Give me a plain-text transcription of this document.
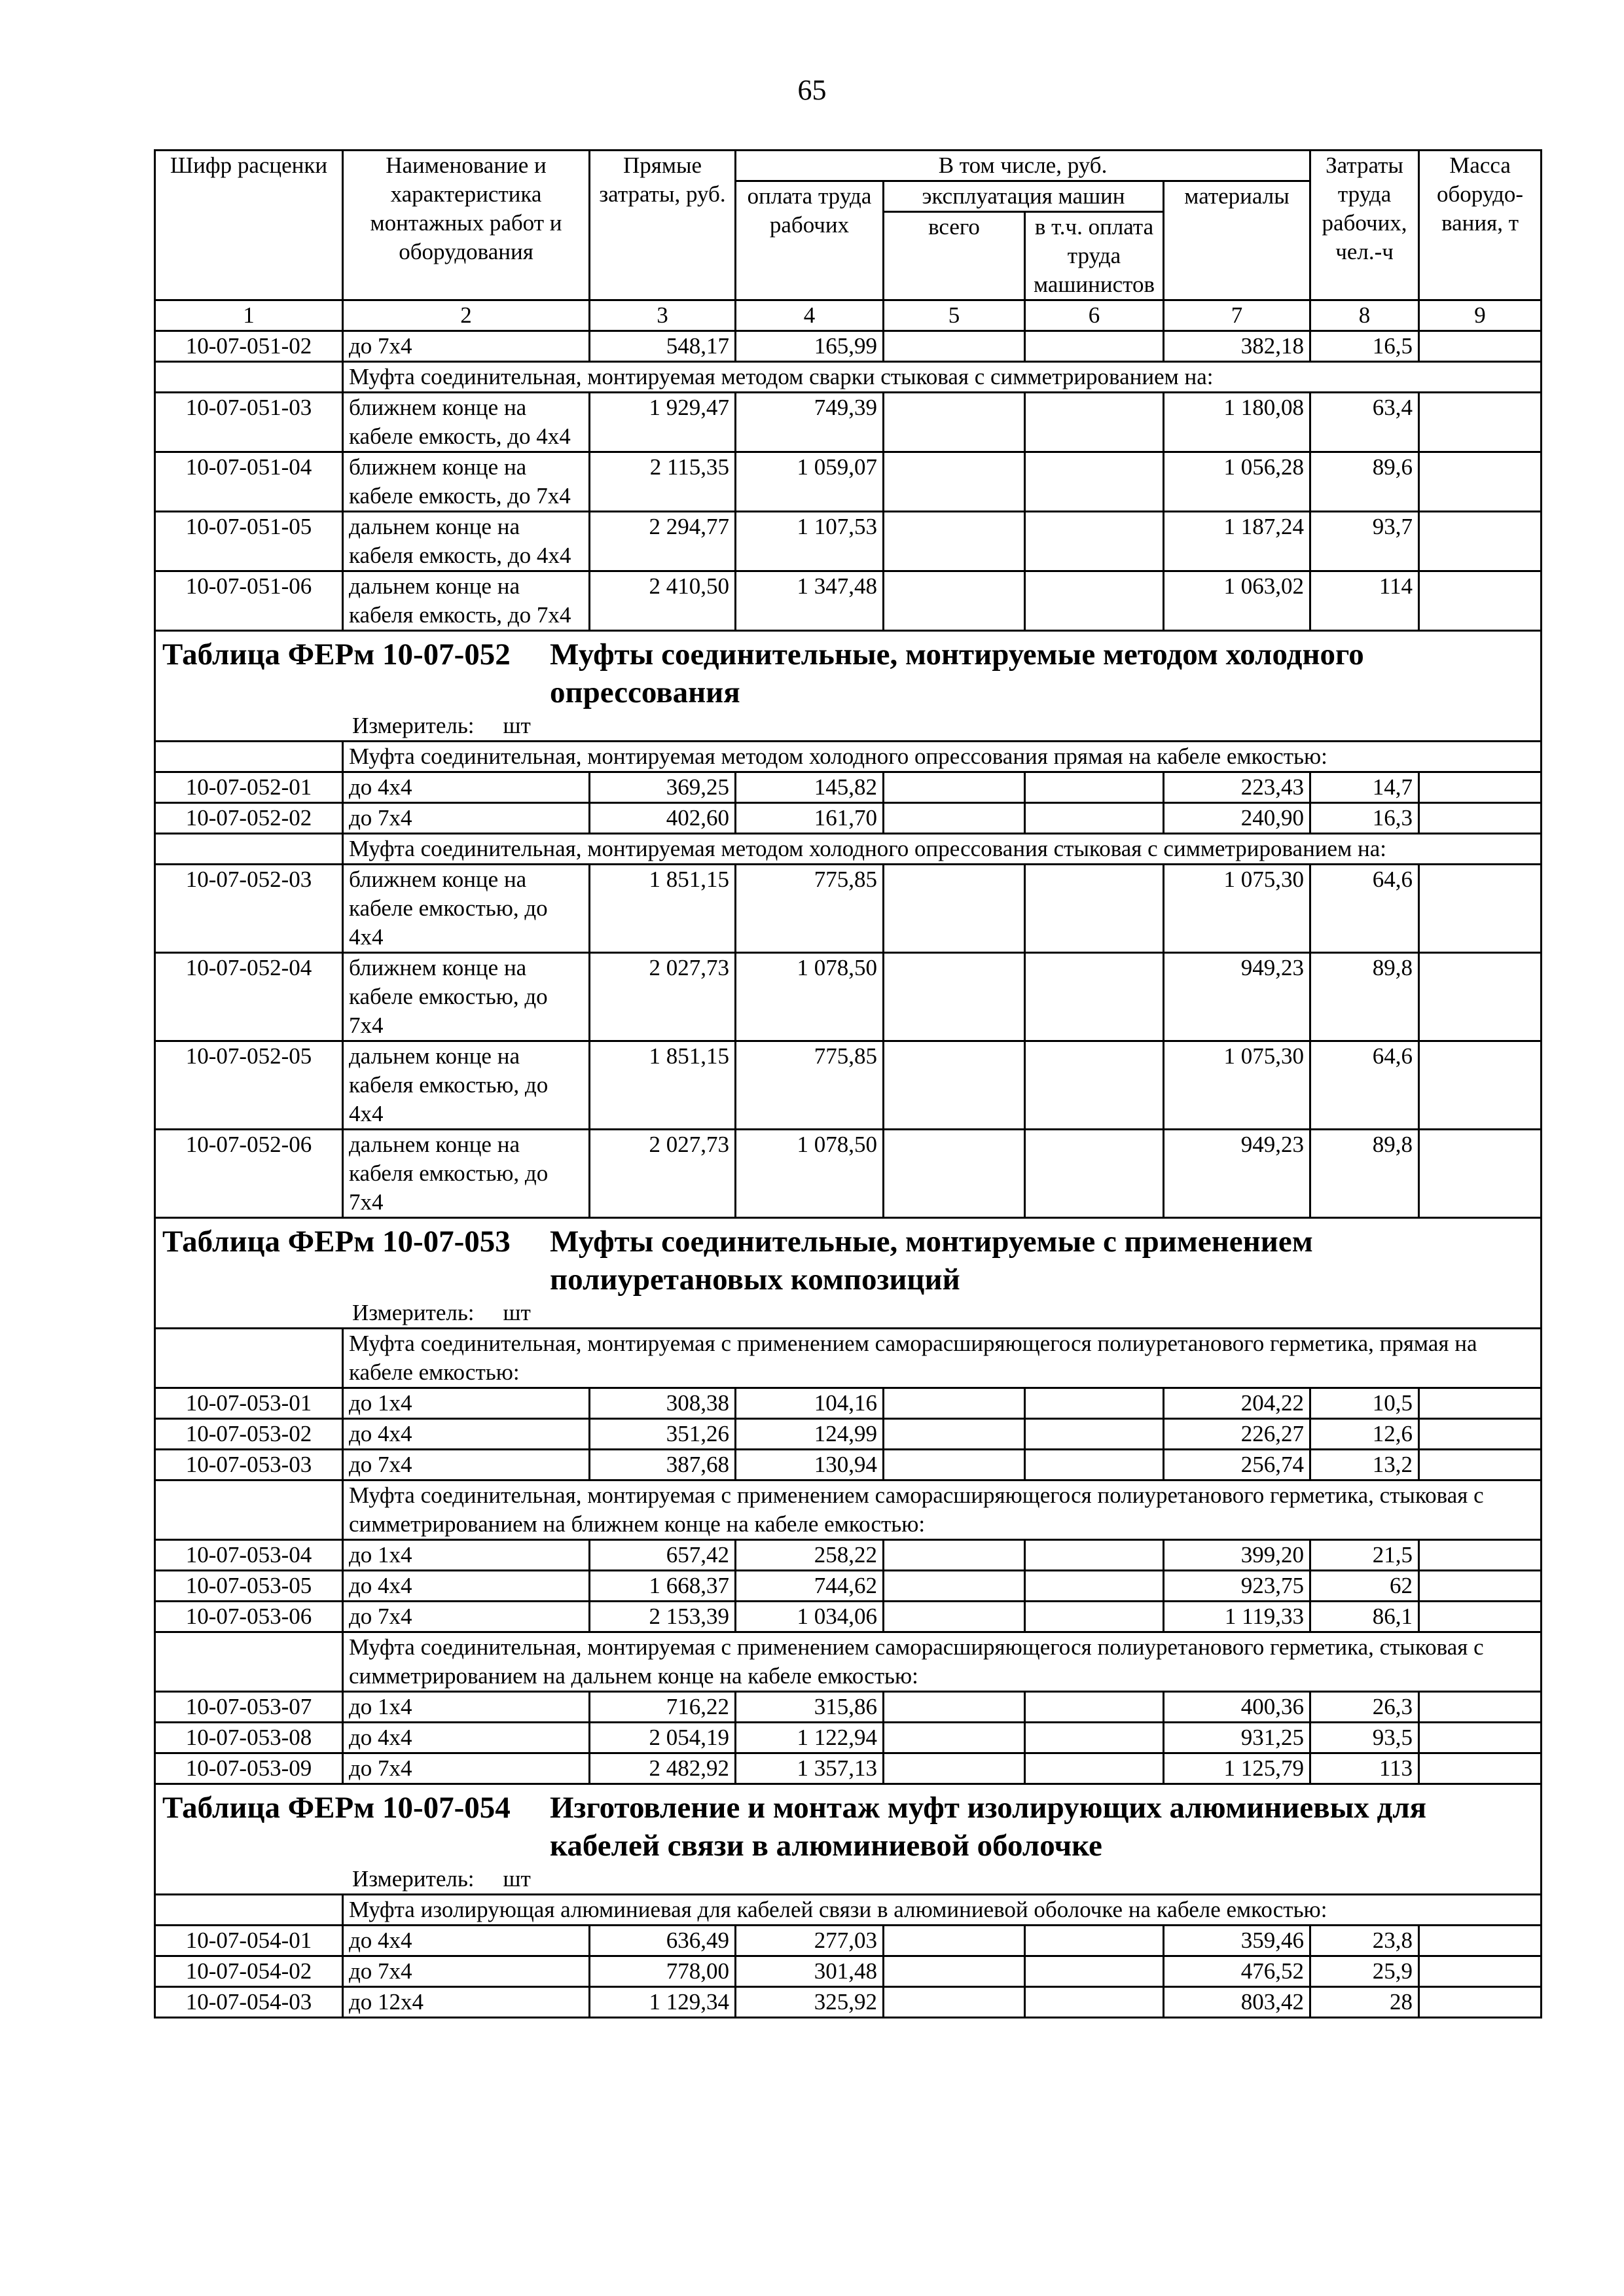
65
Шифр расценки	Наименование и характеристика монтажных работ и оборудования	Прямые затраты, руб.	В том числе, руб.				Затраты труда рабочих, чел.-ч	Масса оборудо-вания, т
			оплата труда рабочих	эксплуатация машин		материалы		
				всего	в т.ч. оплата труда машинистов			
1	2	3	4	5	6	7	8	9
10-07-051-02	до 7х4	548,17	165,99			382,18	16,5	
	Муфта соединительная, монтируемая методом сварки стыковая с симметрированием на:							
10-07-051-03	ближнем конце на кабеле емкость, до 4х4	1 929,47	749,39			1 180,08	63,4	
10-07-051-04	ближнем конце на кабеле емкость, до 7х4	2 115,35	1 059,07			1 056,28	89,6	
10-07-051-05	дальнем конце на кабеля емкость, до 4х4	2 294,77	1 107,53			1 187,24	93,7	
10-07-051-06	дальнем конце на кабеля емкость, до 7х4	2 410,50	1 347,48			1 063,02	114	

Таблица ФЕРм 10-07-052 Муфты соединительные, монтируемые методом холодного опрессования
Измеритель: шт								

	Муфта соединительная, монтируемая методом холодного опрессования прямая на кабеле емкостью:							
10-07-052-01	до 4х4	369,25	145,82			223,43	14,7	
10-07-052-02	до 7х4	402,60	161,70			240,90	16,3	
	Муфта соединительная, монтируемая методом холодного опрессования стыковая с симметрированием на:							
10-07-052-03	ближнем конце на кабеле емкостью, до 4х4	1 851,15	775,85			1 075,30	64,6	
10-07-052-04	ближнем конце на кабеле емкостью, до 7х4	2 027,73	1 078,50			949,23	89,8	
10-07-052-05	дальнем конце на кабеля емкостью, до 4х4	1 851,15	775,85			1 075,30	64,6	
10-07-052-06	дальнем конце на кабеля емкостью, до 7х4	2 027,73	1 078,50			949,23	89,8	

Таблица ФЕРм 10-07-053 Муфты соединительные, монтируемые с применением полиуретановых композиций
Измеритель: шт								

	Муфта соединительная, монтируемая с применением саморасширяющегося полиуретанового герметика, прямая на кабеле емкостью:							
10-07-053-01	до 1х4	308,38	104,16			204,22	10,5	
10-07-053-02	до 4х4	351,26	124,99			226,27	12,6	
10-07-053-03	до 7х4	387,68	130,94			256,74	13,2	
	Муфта соединительная, монтируемая с применением саморасширяющегося полиуретанового герметика, стыковая с симметрированием на ближнем конце на кабеле емкостью:							
10-07-053-04	до 1х4	657,42	258,22			399,20	21,5	
10-07-053-05	до 4х4	1 668,37	744,62			923,75	62	
10-07-053-06	до 7х4	2 153,39	1 034,06			1 119,33	86,1	
	Муфта соединительная, монтируемая с применением саморасширяющегося полиуретанового герметика, стыковая с симметрированием на дальнем конце на кабеле емкостью:							
10-07-053-07	до 1х4	716,22	315,86			400,36	26,3	
10-07-053-08	до 4х4	2 054,19	1 122,94			931,25	93,5	
10-07-053-09	до 7х4	2 482,92	1 357,13			1 125,79	113	

Таблица ФЕРм 10-07-054 Изготовление и монтаж муфт изолирующих алюминиевых для кабелей связи в алюминиевой оболочке
Измеритель: шт								

	Муфта изолирующая алюминиевая для кабелей связи в алюминиевой оболочке на кабеле емкостью:							
10-07-054-01	до 4х4	636,49	277,03			359,46	23,8	
10-07-054-02	до 7х4	778,00	301,48			476,52	25,9	
10-07-054-03	до 12х4	1 129,34	325,92			803,42	28	
